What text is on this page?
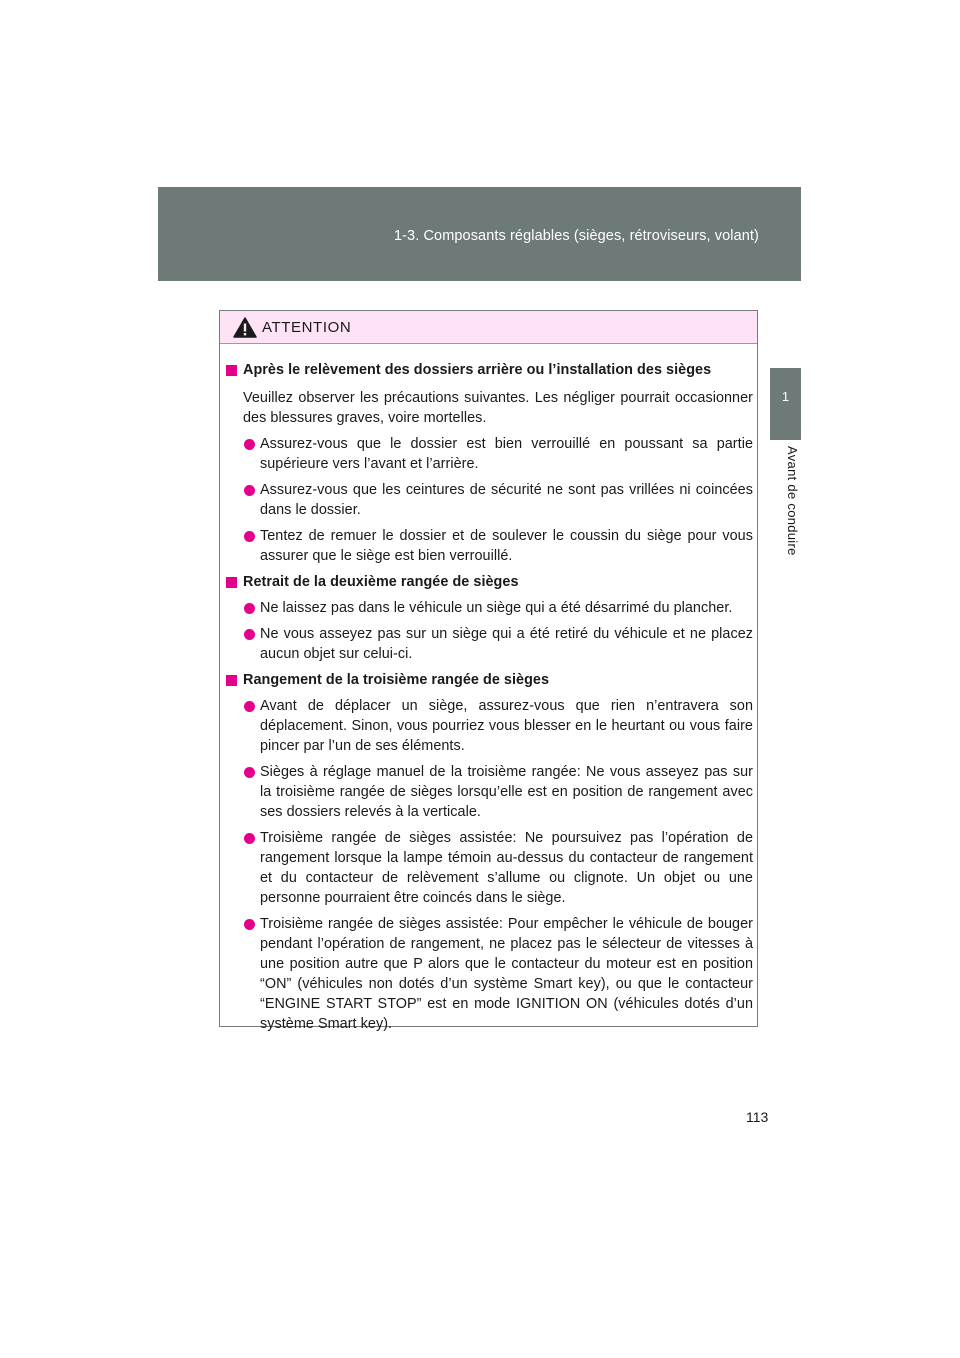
1-3. Composants réglables (sièges, rétroviseurs, volant)
1
Avant de conduire
ATTENTION
Après le relèvement des dossiers arrière ou l’installation des sièges
Veuillez observer les précautions suivantes. Les négliger pourrait occasionner des blessures graves, voire mortelles.
Assurez-vous que le dossier est bien verrouillé en poussant sa partie supérieure vers l’avant et l’arrière.
Assurez-vous que les ceintures de sécurité ne sont pas vrillées ni coincées dans le dossier.
Tentez de remuer le dossier et de soulever le coussin du siège pour vous assurer que le siège est bien verrouillé.
Retrait de la deuxième rangée de sièges
Ne laissez pas dans le véhicule un siège qui a été désarrimé du plancher.
Ne vous asseyez pas sur un siège qui a été retiré du véhicule et ne placez aucun objet sur celui-ci.
Rangement de la troisième rangée de sièges
Avant de déplacer un siège, assurez-vous que rien n’entravera son déplacement. Sinon, vous pourriez vous blesser en le heurtant ou vous faire pincer par l’un de ses éléments.
Sièges à réglage manuel de la troisième rangée: Ne vous asseyez pas sur la troisième rangée de sièges lorsqu’elle est en position de rangement avec ses dossiers relevés à la verticale.
Troisième rangée de sièges assistée: Ne poursuivez pas l’opération de rangement lorsque la lampe témoin au-dessus du contacteur de rangement et du contacteur de relèvement s’allume ou clignote. Un objet ou une personne pourraient être coincés dans le siège.
Troisième rangée de sièges assistée: Pour empêcher le véhicule de bouger pendant l’opération de rangement, ne placez pas le sélecteur de vitesses à une position autre que P alors que le contacteur du moteur est en position “ON” (véhicules non dotés d’un système Smart key), ou que le contacteur “ENGINE START STOP” est en mode IGNITION ON (véhicules dotés d’un système Smart key).
113
